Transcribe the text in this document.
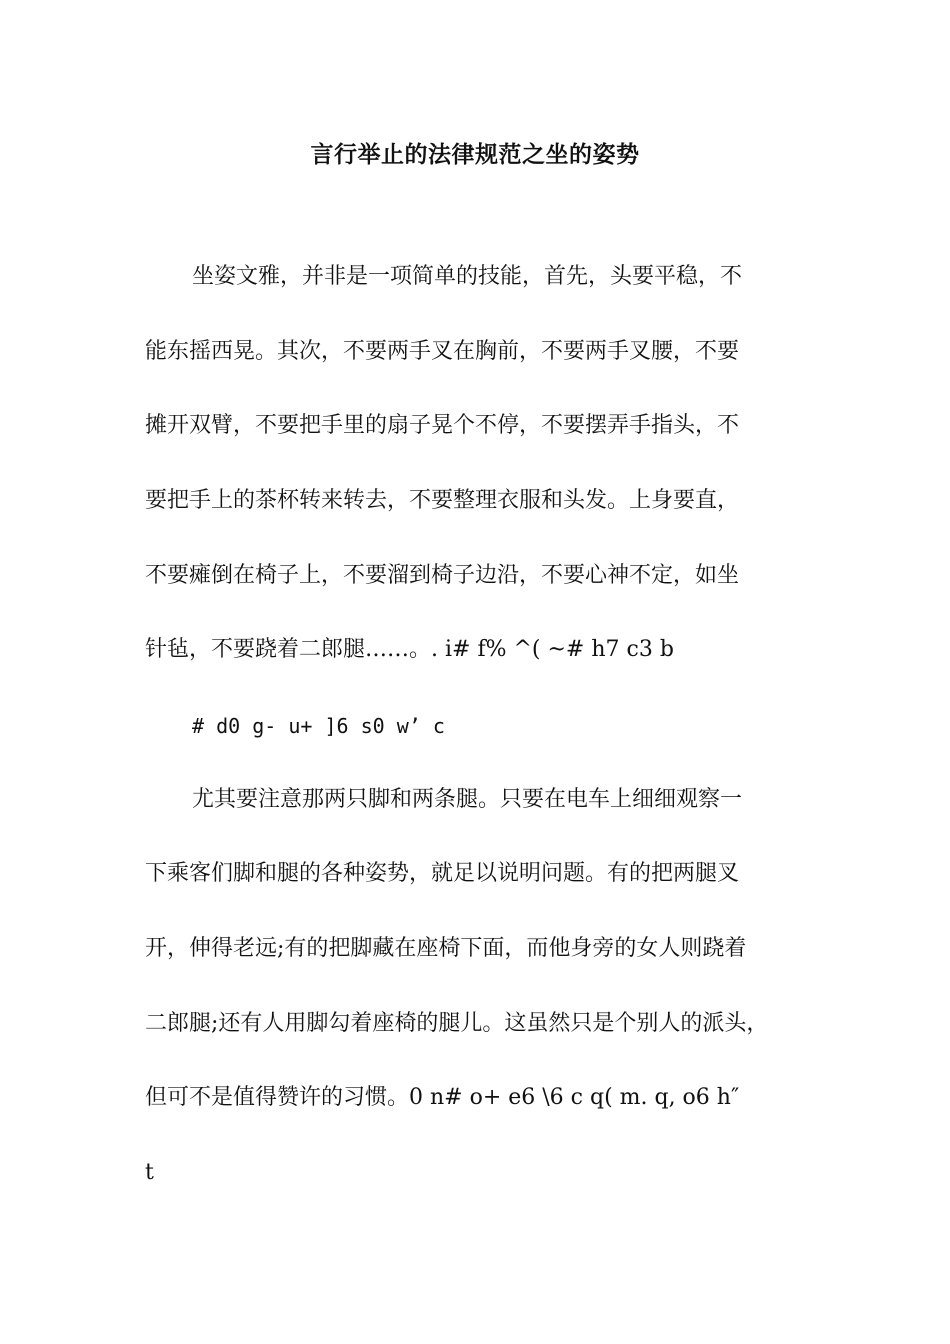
言行举止的法律规范之坐的姿势
坐姿文雅，并非是一项简单的技能，首先，头要平稳，不
能东摇西晃。其次，不要两手叉在胸前，不要两手叉腰，不要
摊开双臂，不要把手里的扇子晃个不停，不要摆弄手指头，不
要把手上的茶杯转来转去，不要整理衣服和头发。上身要直，
不要瘫倒在椅子上，不要溜到椅子边沿，不要心神不定，如坐
针毡，不要跷着二郎腿……。. i# f% ^( ~# h7 c3 b
# d0 g- u+ ]6 s0 w’ c
尤其要注意那两只脚和两条腿。只要在电车上细细观察一
下乘客们脚和腿的各种姿势，就足以说明问题。有的把两腿叉
开，伸得老远;有的把脚藏在座椅下面，而他身旁的女人则跷着
二郎腿;还有人用脚勾着座椅的腿儿。这虽然只是个别人的派头，
但可不是值得赞许的习惯。0 n# o+ e6 \6 c q( m. q, o6 h″
t
